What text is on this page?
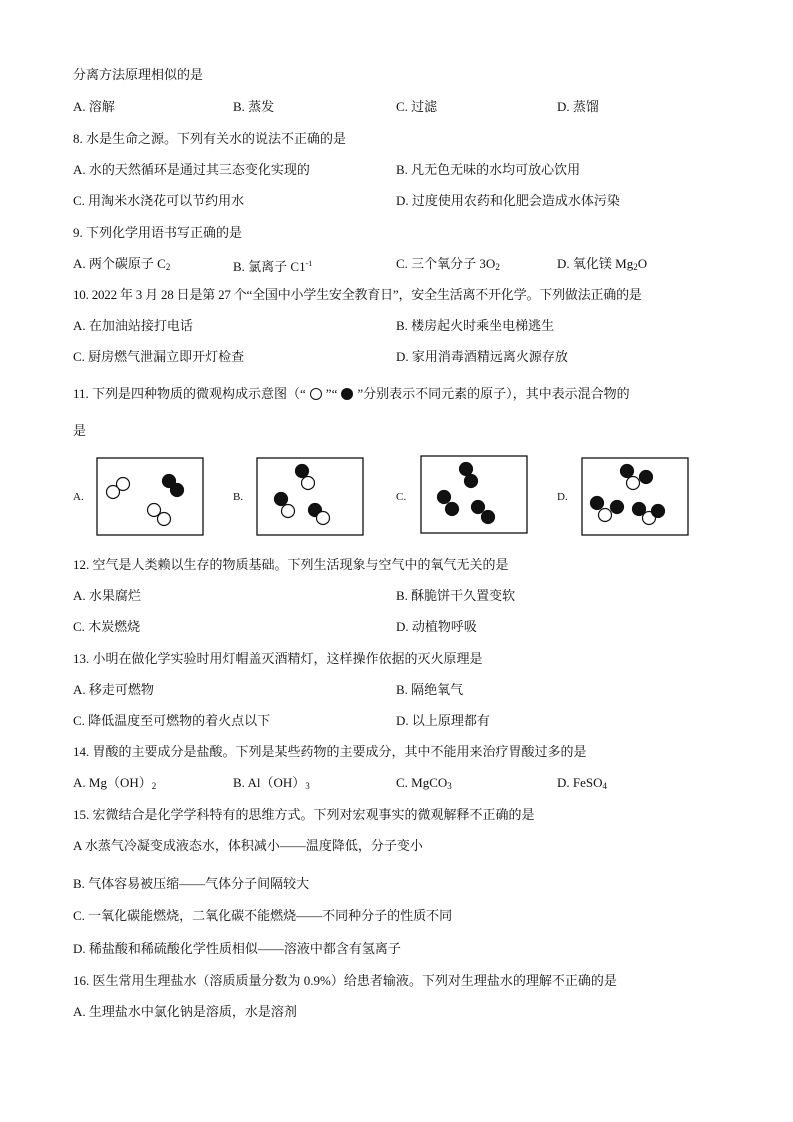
分离方法原理相似的是
A. 溶解	B. 蒸发	C. 过滤	D. 蒸馏
8. 水是生命之源。下列有关水的说法不正确的是
A. 水的天然循环是通过其三态变化实现的	B. 凡无色无味的水均可放心饮用
C. 用淘米水浇花可以节约用水	D. 过度使用农药和化肥会造成水体污染
9. 下列化学用语书写正确的是
A. 两个碳原子 $C_2$	B. 氯离子 $C1^{-1}$	C. 三个氧分子 $3O_2$	D. 氧化镁 $Mg_2O$
10. 2022 年 3 月 28 日是第 27 个“全国中小学生安全教育日”，安全生活离不开化学。下列做法正确的是
A. 在加油站接打电话	B. 楼房起火时乘坐电梯逃生
C. 厨房燃气泄漏立即开灯检查	D. 家用消毒酒精远离火源存放
11. 下列是四种物质的微观构成示意图（“ ”“ ”分别表示不同元素的原子），其中表示混合物的
是
A.	B.	C.	D.
12. 空气是人类赖以生存的物质基础。下列生活现象与空气中的氧气无关的是
A. 水果腐烂	B. 酥脆饼干久置变软
C. 木炭燃烧	D. 动植物呼吸
13. 小明在做化学实验时用灯帽盖灭酒精灯，这样操作依据的灭火原理是
A. 移走可燃物	B. 隔绝氧气
C. 降低温度至可燃物的着火点以下	D. 以上原理都有
14. 胃酸的主要成分是盐酸。下列是某些药物的主要成分，其中不能用来治疗胃酸过多的是
A. $Mg(OH)_2$	B. $Al(OH)_3$	C. MgCO$_3$	D. FeSO$_4$
15. 宏微结合是化学学科特有的思维方式。下列对宏观事实的微观解释不正确的是
A 水蒸气冷凝变成液态水，体积减小——温度降低，分子变小
B. 气体容易被压缩——气体分子间隔较大
C. 一氧化碳能燃烧，二氧化碳不能燃烧——不同种分子的性质不同
D. 稀盐酸和稀硫酸化学性质相似——溶液中都含有氢离子
16. 医生常用生理盐水（溶质质量分数为 0.9%）给患者输液。下列对生理盐水的理解不正确的是
A. 生理盐水中氯化钠是溶质，水是溶剂
